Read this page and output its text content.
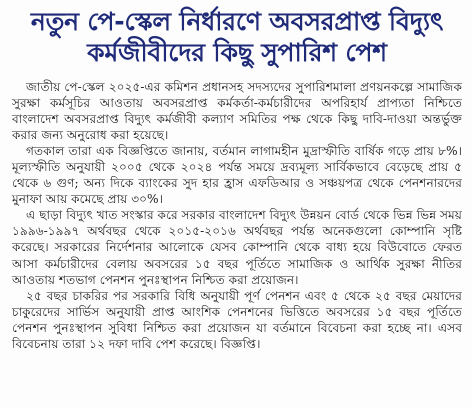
নতুন পে-স্কেল নির্ধারণে অবসরপ্রাপ্ত বিদ্যুৎ
কর্মজীবীদের কিছু সুপারিশ পেশ

জাতীয় পে-স্কেল ২০২৫-এর কমিশন প্রধানসহ সদস্যদের সুপারিশমালা প্রণয়নকল্পে সামাজিক সুরক্ষা কর্মসূচির আওতায় অবসরপ্রাপ্ত কর্মকর্তা-কর্মচারীদের অপরিহার্য প্রাপ্যতা নিশ্চিতে বাংলাদেশ অবসরপ্রাপ্ত বিদ্যুৎ কর্মজীবী কল্যাণ সমিতির পক্ষ থেকে কিছু দাবি-দাওয়া অন্তর্ভুক্ত করার জন্য অনুরোধ করা হয়েছে।

গতকাল তারা এক বিজ্ঞপ্তিতে জানায়, বর্তমান লাগামহীন মুদ্রাস্ফীতি বার্ষিক গড়ে প্রায় ৮%। মূল্যস্ফীতি অনুযায়ী ২০০৫ থেকে ২০২৪ পর্যন্ত সময়ে দ্রব্যমূল্য সার্বিকভাবে বেড়েছে প্রায় ৫ থেকে ৬ গুণ; অন্য দিকে ব্যাংকের সুদ হার হ্রাস এফডিআর ও সঞ্চয়পত্র থেকে পেনশনারদের মুনাফা আয় কমেছে প্রায় ৩০%।

এ ছাড়া বিদ্যুৎ খাত সংস্কার করে সরকার বাংলাদেশ বিদ্যুৎ উন্নয়ন বোর্ড থেকে ভিন্ন ভিন্ন সময় ১৯৯৬-১৯৯৭ অর্থবছর থেকে ২০১৫-২০১৬ অর্থবছর পর্যন্ত অনেকগুলো কোম্পানি সৃষ্টি করেছে। সরকারের নির্দেশনার আলোকে যেসব কোম্পানি থেকে বাধ্য হয়ে বিউবোতে ফেরত আসা কর্মচারীদের বেলায় অবসরের ১৫ বছর পূর্তিতে সামাজিক ও আর্থিক সুরক্ষা নীতির আওতায় শতভাগ পেনশন পুনঃস্থাপন নিশ্চিত করা প্রয়োজন।

২৫ বছর চাকরির পর সরকারি বিধি অনুযায়ী পূর্ণ পেনশন এবং ৫ থেকে ২৫ বছর মেয়াদের চাকুরেদের সার্ভিস অনুযায়ী প্রাপ্ত আংশিক পেনশনের ভিত্তিতে অবসরের ১৫ বছর পূর্তিতে পেনশন পুনঃস্থাপন সুবিধা নিশ্চিত করা প্রয়োজন যা বর্তমানে বিবেচনা করা হচ্ছে না। এসব বিবেচনায় তারা ১২ দফা দাবি পেশ করেছে। বিজ্ঞপ্তি।
